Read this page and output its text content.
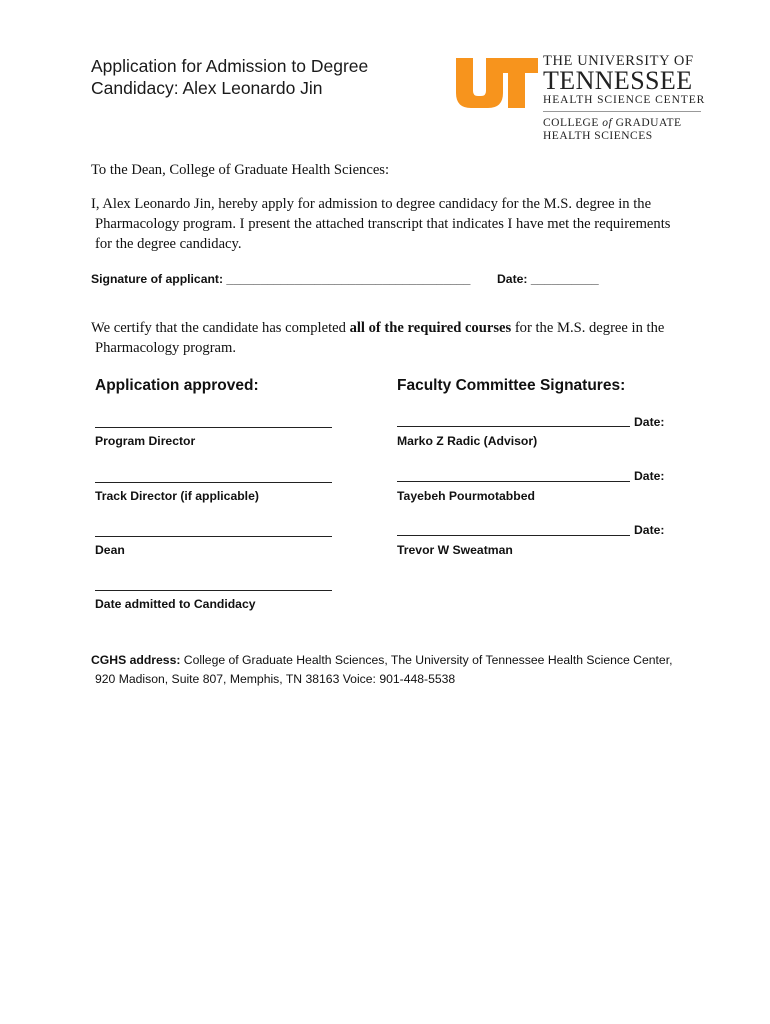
Application for Admission to Degree
Candidacy: Alex Leonardo Jin
THE UNIVERSITY OF
TENNESSEE
HEALTH SCIENCE CENTER
COLLEGE of GRADUATE
HEALTH SCIENCES
To the Dean, College of Graduate Health Sciences:
I, Alex Leonardo Jin, hereby apply for admission to degree candidacy for the M.S. degree in the
Pharmacology program. I present the attached transcript that indicates I have met the requirements
for the degree candidacy.
Signature of applicant: ____________________________________ Date: __________
We certify that the candidate has completed all of the required courses for the M.S. degree in the
Pharmacology program.
Application approved:	Faculty Committee Signatures:
Program Director
Track Director (if applicable)
Dean
Date admitted to Candidacy
Date:
Marko Z Radic (Advisor)
Date:
Tayebeh Pourmotabbed
Date:
Trevor W Sweatman
CGHS address: College of Graduate Health Sciences, The University of Tennessee Health Science Center,
920 Madison, Suite 807, Memphis, TN 38163 Voice: 901-448-5538
